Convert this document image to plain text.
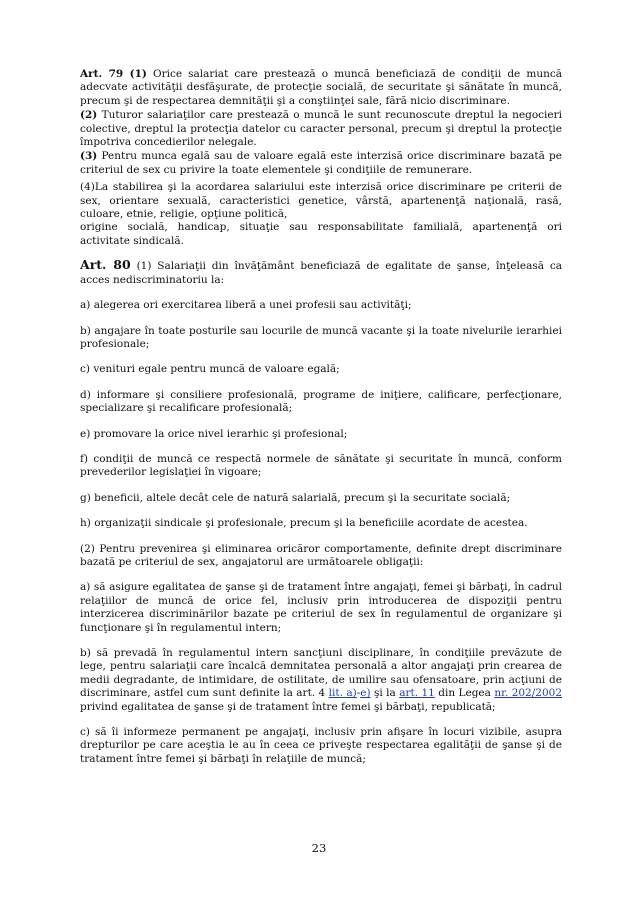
Art. 79 (1) Orice salariat care prestează o muncă beneficiază de condiţii de muncă adecvate activităţii desfăşurate, de protecţie socială, de securitate şi sănătate în muncă, precum şi de respectarea demnităţii şi a conştiinţei sale, fără nicio discriminare.

(2) Tuturor salariaţilor care prestează o muncă le sunt recunoscute dreptul la negocieri colective, dreptul la protecţia datelor cu caracter personal, precum şi dreptul la protecţie împotriva concedierilor nelegale.

(3) Pentru munca egală sau de valoare egală este interzisă orice discriminare bazată pe criteriul de sex cu privire la toate elementele şi condiţiile de remunerare.

(4)La stabilirea şi la acordarea salariului este interzisă orice discriminare pe criterii de sex, orientare sexuală, caracteristici genetice, vârstă, apartenenţă naţională, rasă, culoare, etnie, religie, opţiune politică,
origine socială, handicap, situaţie sau responsabilitate familială, apartenenţă ori activitate sindicală.

Art. 80 (1) Salariaţii din învăţământ beneficiază de egalitate de şanse, înţeleasă ca acces nediscriminatoriu la:

a) alegerea ori exercitarea liberă a unei profesii sau activităţi;

b) angajare în toate posturile sau locurile de muncă vacante şi la toate nivelurile ierarhiei profesionale;

c) venituri egale pentru muncă de valoare egală;

d) informare şi consiliere profesională, programe de iniţiere, calificare, perfecţionare, specializare şi recalificare profesională;

e) promovare la orice nivel ierarhic şi profesional;

f) condiţii de muncă ce respectă normele de sănătate şi securitate în muncă, conform prevederilor legislaţiei în vigoare;

g) beneficii, altele decât cele de natură salarială, precum şi la securitate socială;

h) organizaţii sindicale şi profesionale, precum şi la beneficiile acordate de acestea.

(2) Pentru prevenirea şi eliminarea oricăror comportamente, definite drept discriminare bazată pe criteriul de sex, angajatorul are următoarele obligaţii:

a) să asigure egalitatea de şanse şi de tratament între angajaţi, femei şi bărbaţi, în cadrul relaţiilor de muncă de orice fel, inclusiv prin introducerea de dispoziţii pentru interzicerea discriminărilor bazate pe criteriul de sex în regulamentul de organizare şi funcţionare şi în regulamentul intern;

b) să prevadă în regulamentul intern sancţiuni disciplinare, în condiţiile prevăzute de lege, pentru salariaţii care încalcă demnitatea personală a altor angajaţi prin crearea de medii degradante, de intimidare, de ostilitate, de umilire sau ofensatoare, prin acţiuni de discriminare, astfel cum sunt definite la art. 4 lit. a)-e) şi la art. 11 din Legea nr. 202/2002 privind egalitatea de şanse şi de tratament între femei şi bărbaţi, republicată;

c) să îi informeze permanent pe angajaţi, inclusiv prin afişare în locuri vizibile, asupra drepturilor pe care aceştia le au în ceea ce priveşte respectarea egalităţii de şanse şi de tratament între femei şi bărbaţi în relaţiile de muncă;

23
